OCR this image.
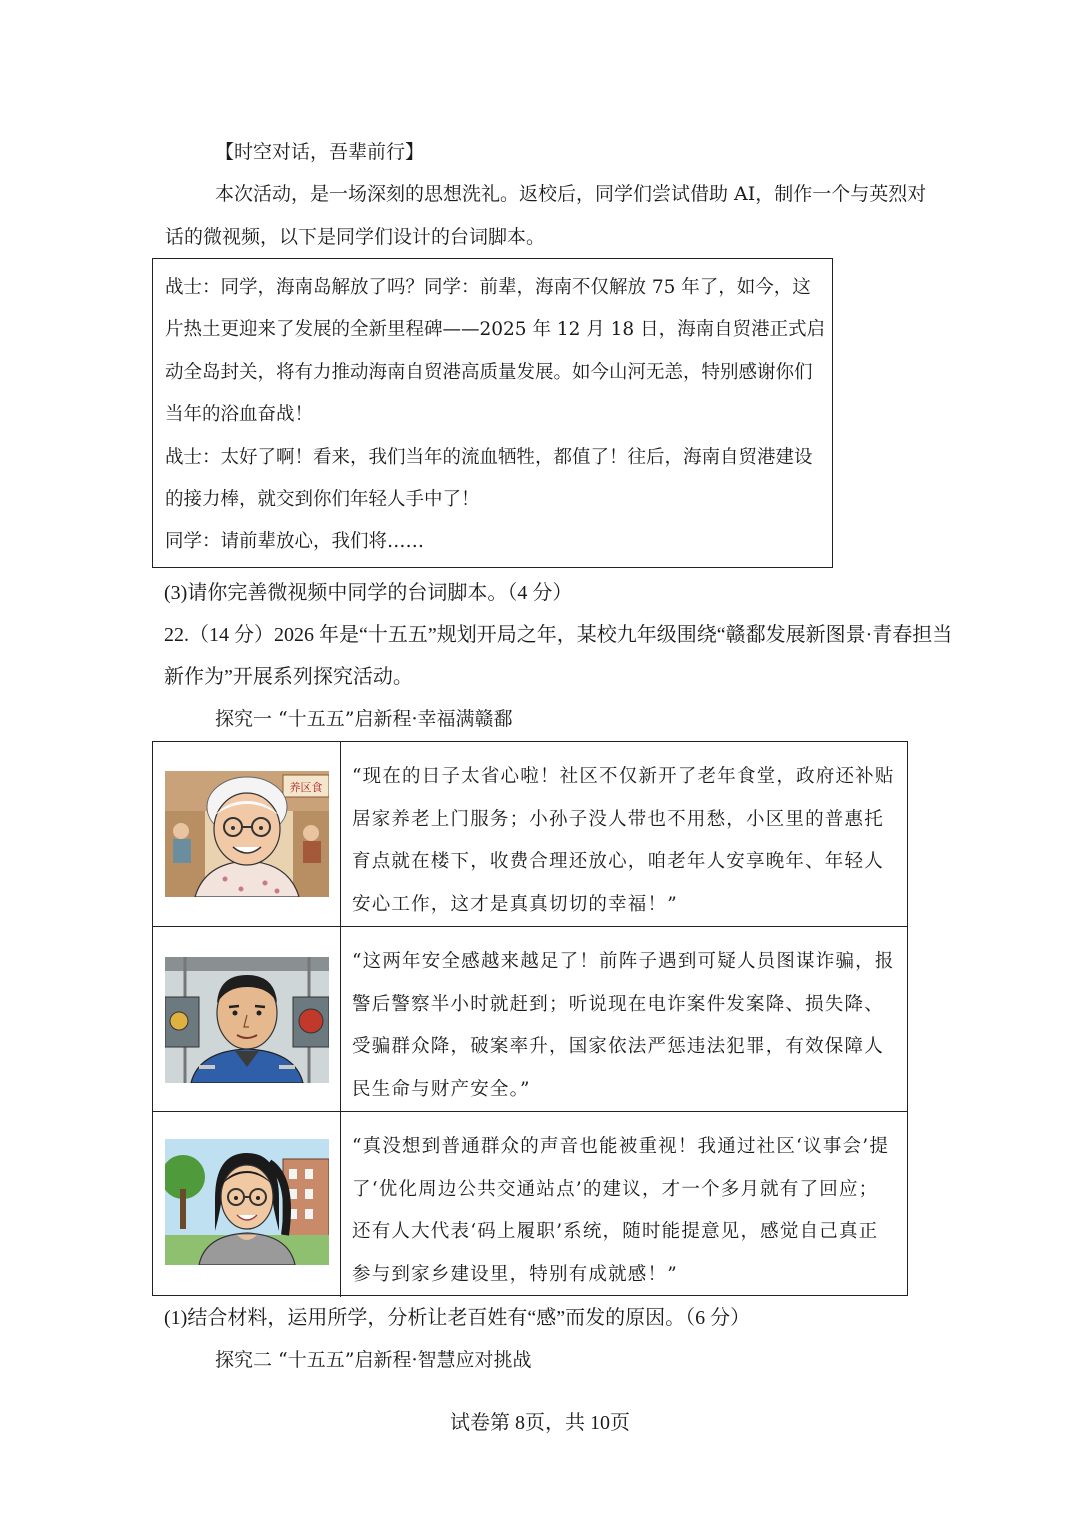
【时空对话，吾辈前行】
本次活动，是一场深刻的思想洗礼。返校后，同学们尝试借助 AI，制作一个与英烈对
话的微视频，以下是同学们设计的台词脚本。
战士：同学，海南岛解放了吗？同学：前辈，海南不仅解放 75 年了，如今，这
片热土更迎来了发展的全新里程碑——2025 年 12 月 18 日，海南自贸港正式启
动全岛封关，将有力推动海南自贸港高质量发展。如今山河无恙，特别感谢你们
当年的浴血奋战！
战士：太好了啊！看来，我们当年的流血牺牲，都值了！往后，海南自贸港建设
的接力棒，就交到你们年轻人手中了！
同学：请前辈放心，我们将……
(3)请你完善微视频中同学的台词脚本。（4 分）
22.（14 分）2026 年是“十五五”规划开局之年，某校九年级围绕“赣鄱发展新图景·青春担当
新作为”开展系列探究活动。
探究一 “十五五”启新程·幸福满赣鄱
养区食
“现在的日子太省心啦！社区不仅新开了老年食堂，政府还补贴居家养老上门服务；小孙子没人带也不用愁，小区里的普惠托育点就在楼下，收费合理还放心，咱老年人安享晚年、年轻人安心工作，这才是真真切切的幸福！”
“这两年安全感越来越足了！前阵子遇到可疑人员图谋诈骗，报警后警察半小时就赶到；听说现在电诈案件发案降、损失降、受骗群众降，破案率升，国家依法严惩违法犯罪，有效保障人民生命与财产安全。”
“真没想到普通群众的声音也能被重视！我通过社区‘议事会’提了‘优化周边公共交通站点’的建议，才一个多月就有了回应；还有人大代表‘码上履职’系统，随时能提意见，感觉自己真正参与到家乡建设里，特别有成就感！”
(1)结合材料，运用所学，分析让老百姓有“感”而发的原因。（6 分）
探究二 “十五五”启新程·智慧应对挑战
试卷第 8页，共 10页
